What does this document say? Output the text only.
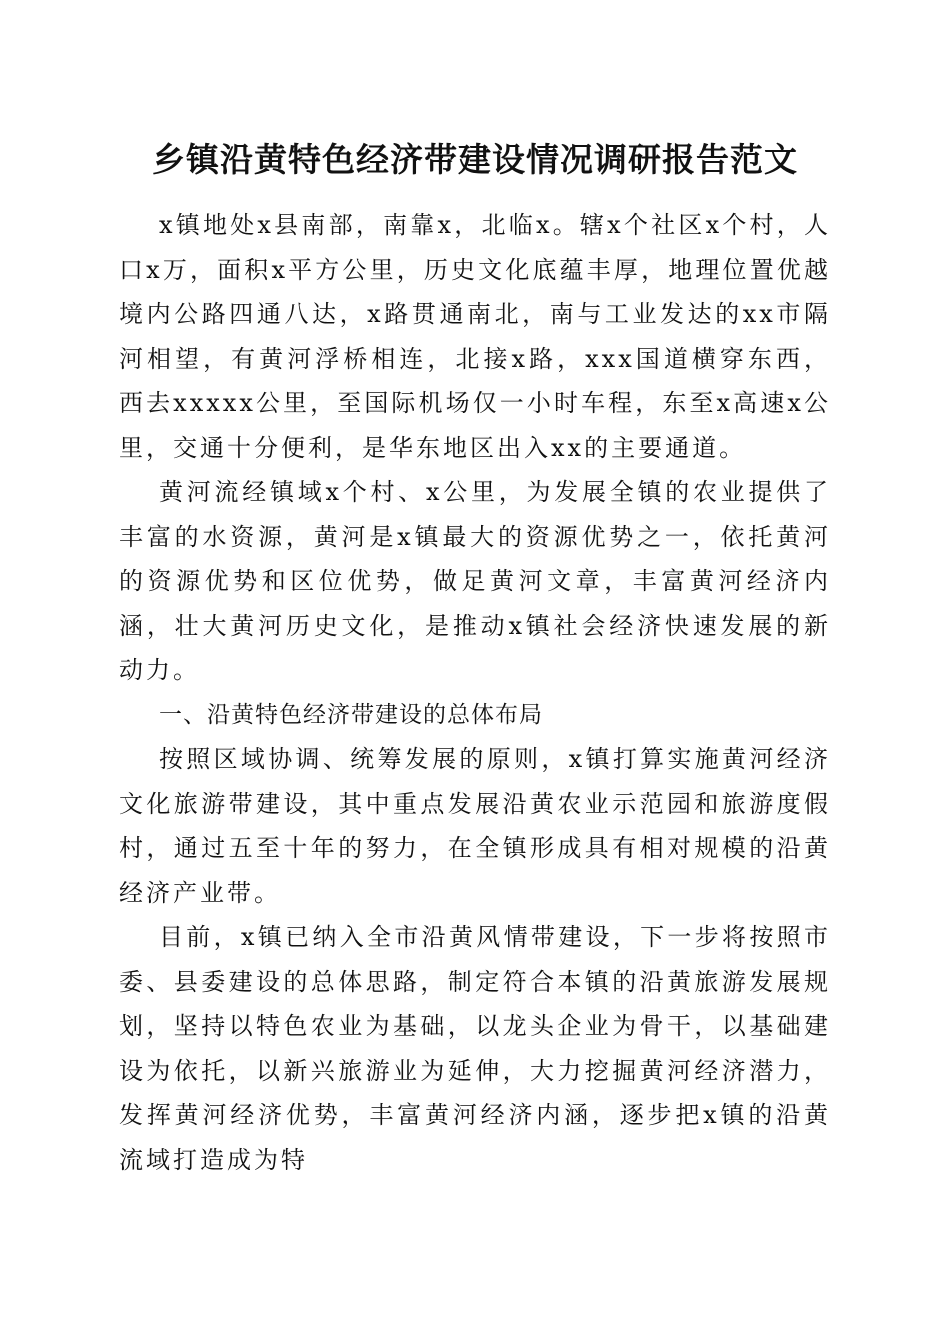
乡镇沿黄特色经济带建设情况调研报告范文

x镇地处x县南部，南靠x，北临x。辖x个社区x个村，人口x万，面积x平方公里，历史文化底蕴丰厚，地理位置优越境内公路四通八达，x路贯通南北，南与工业发达的xx市隔河相望，有黄河浮桥相连，北接x路，xxx国道横穿东西，西去xxxxx公里，至国际机场仅一小时车程，东至x高速x公里，交通十分便利，是华东地区出入xx的主要通道。

黄河流经镇域x个村、x公里，为发展全镇的农业提供了丰富的水资源，黄河是x镇最大的资源优势之一，依托黄河的资源优势和区位优势，做足黄河文章，丰富黄河经济内涵，壮大黄河历史文化，是推动x镇社会经济快速发展的新动力。

一、沿黄特色经济带建设的总体布局

按照区域协调、统筹发展的原则，x镇打算实施黄河经济文化旅游带建设，其中重点发展沿黄农业示范园和旅游度假村，通过五至十年的努力，在全镇形成具有相对规模的沿黄经济产业带。

目前，x镇已纳入全市沿黄风情带建设，下一步将按照市委、县委建设的总体思路，制定符合本镇的沿黄旅游发展规划，坚持以特色农业为基础，以龙头企业为骨干，以基础建设为依托，以新兴旅游业为延伸，大力挖掘黄河经济潜力，发挥黄河经济优势，丰富黄河经济内涵，逐步把x镇的沿黄流域打造成为特
